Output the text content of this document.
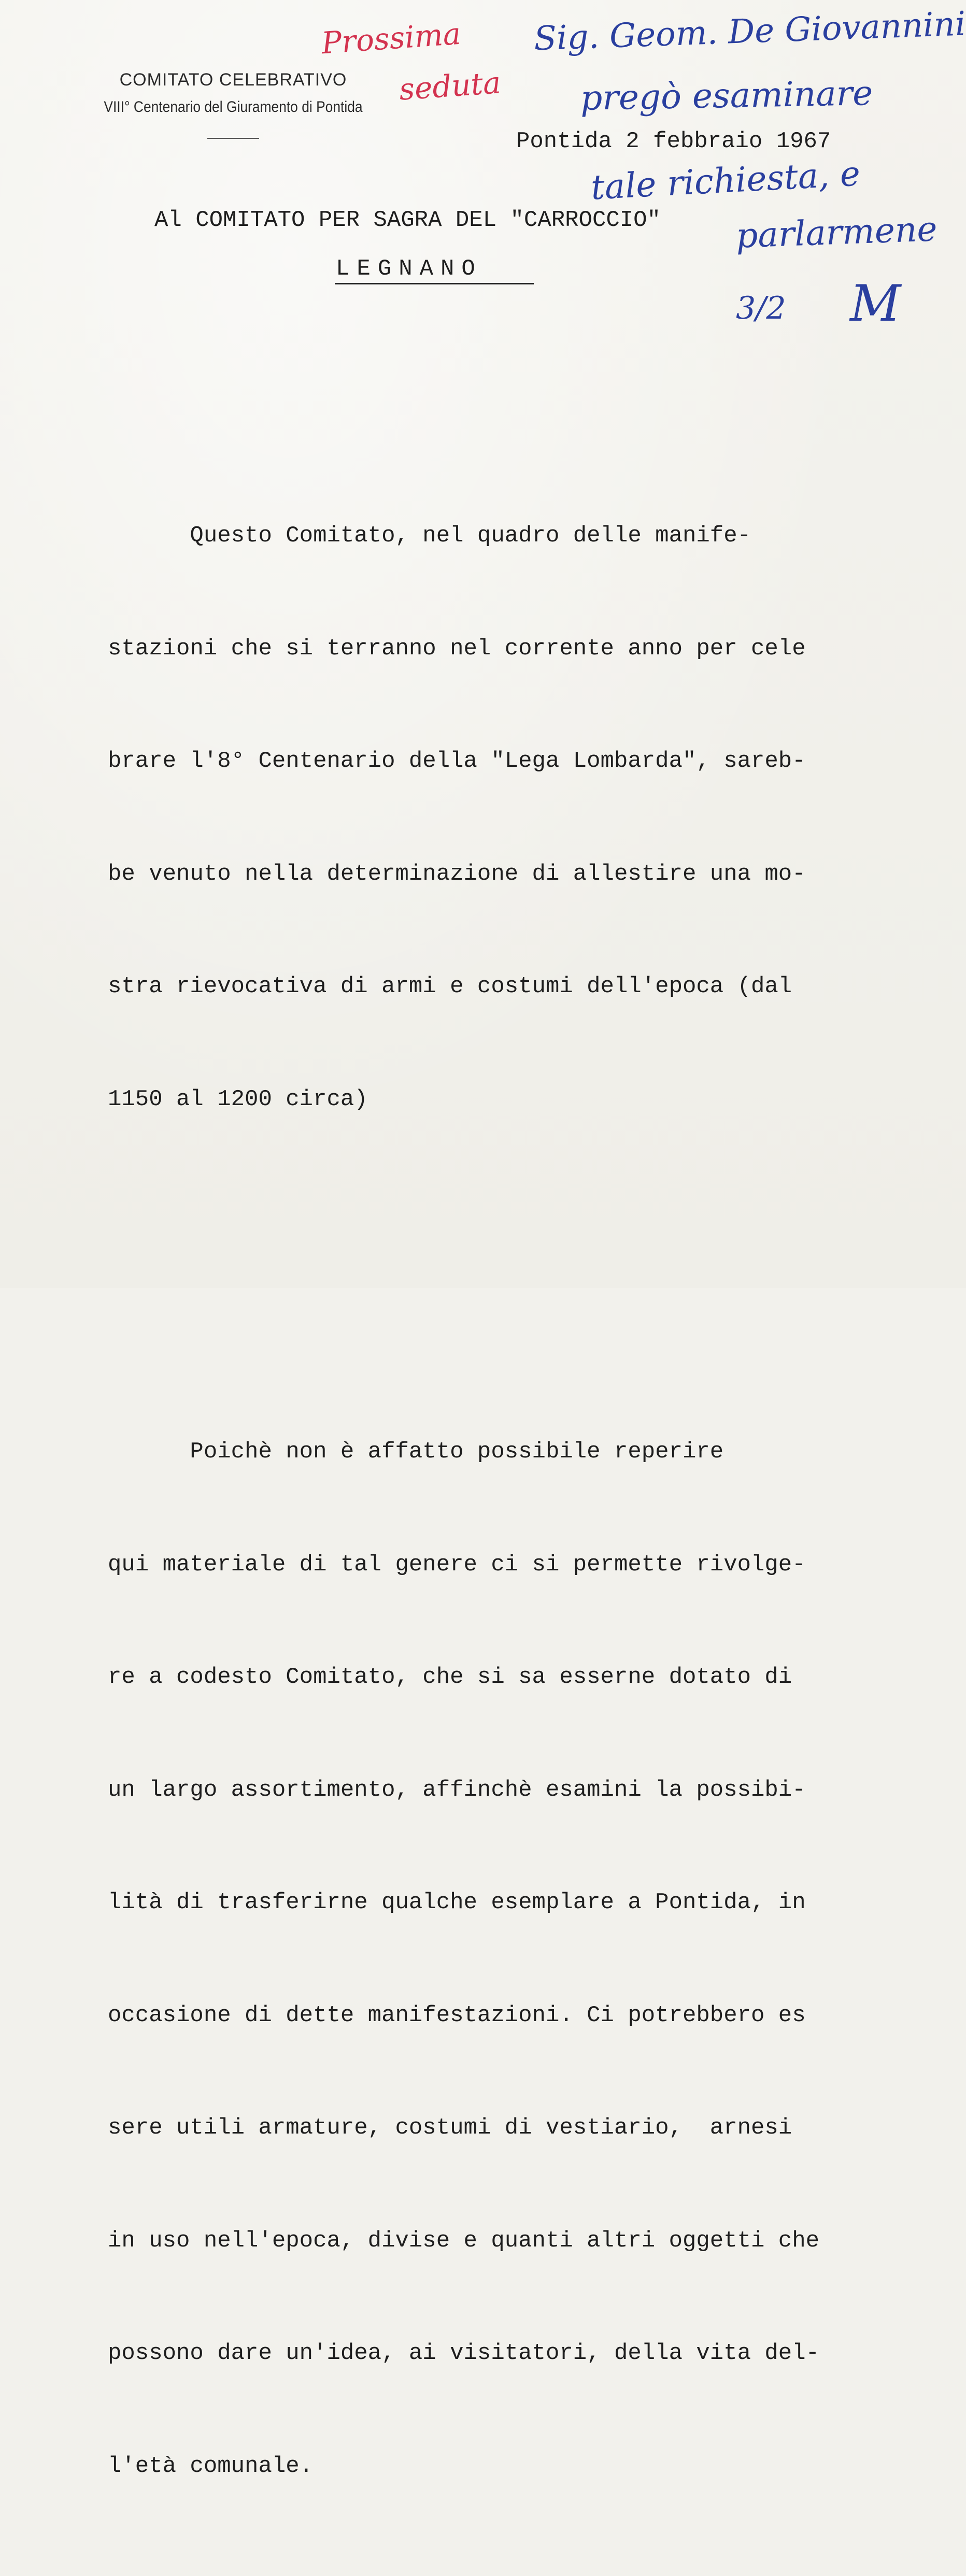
COMITATO CELEBRATIVO

VIII° Centenario del Giuramento di Pontida

Pontida 2 febbraio 1967
Al COMITATO PER SAGRA DEL "CARROCCIO"
LEGNANO

Questo Comitato, nel quadro delle manife-

stazioni che si terranno nel corrente anno per cele

brare l'8° Centenario della "Lega Lombarda", sareb-

be venuto nella determinazione di allestire una mo-

stra rievocativa di armi e costumi dell'epoca (dal

1150 al 1200 circa)

Poichè non è affatto possibile reperire

qui materiale di tal genere ci si permette rivolge-

re a codesto Comitato, che si sa esserne dotato di

un largo assortimento, affinchè esamini la possibi-

lità di trasferirne qualche esemplare a Pontida, in

occasione di dette manifestazioni. Ci potrebbero es

sere utili armature, costumi di vestiario,  arnesi

in uso nell'epoca, divise e quanti altri oggetti che

possono dare un'idea, ai visitatori, della vita del-

l'età comunale.

Prossima
seduta
Sig. Geom. De Giovannini
pregò esaminare
tale richiesta, e
parlarmene
3/2 M
